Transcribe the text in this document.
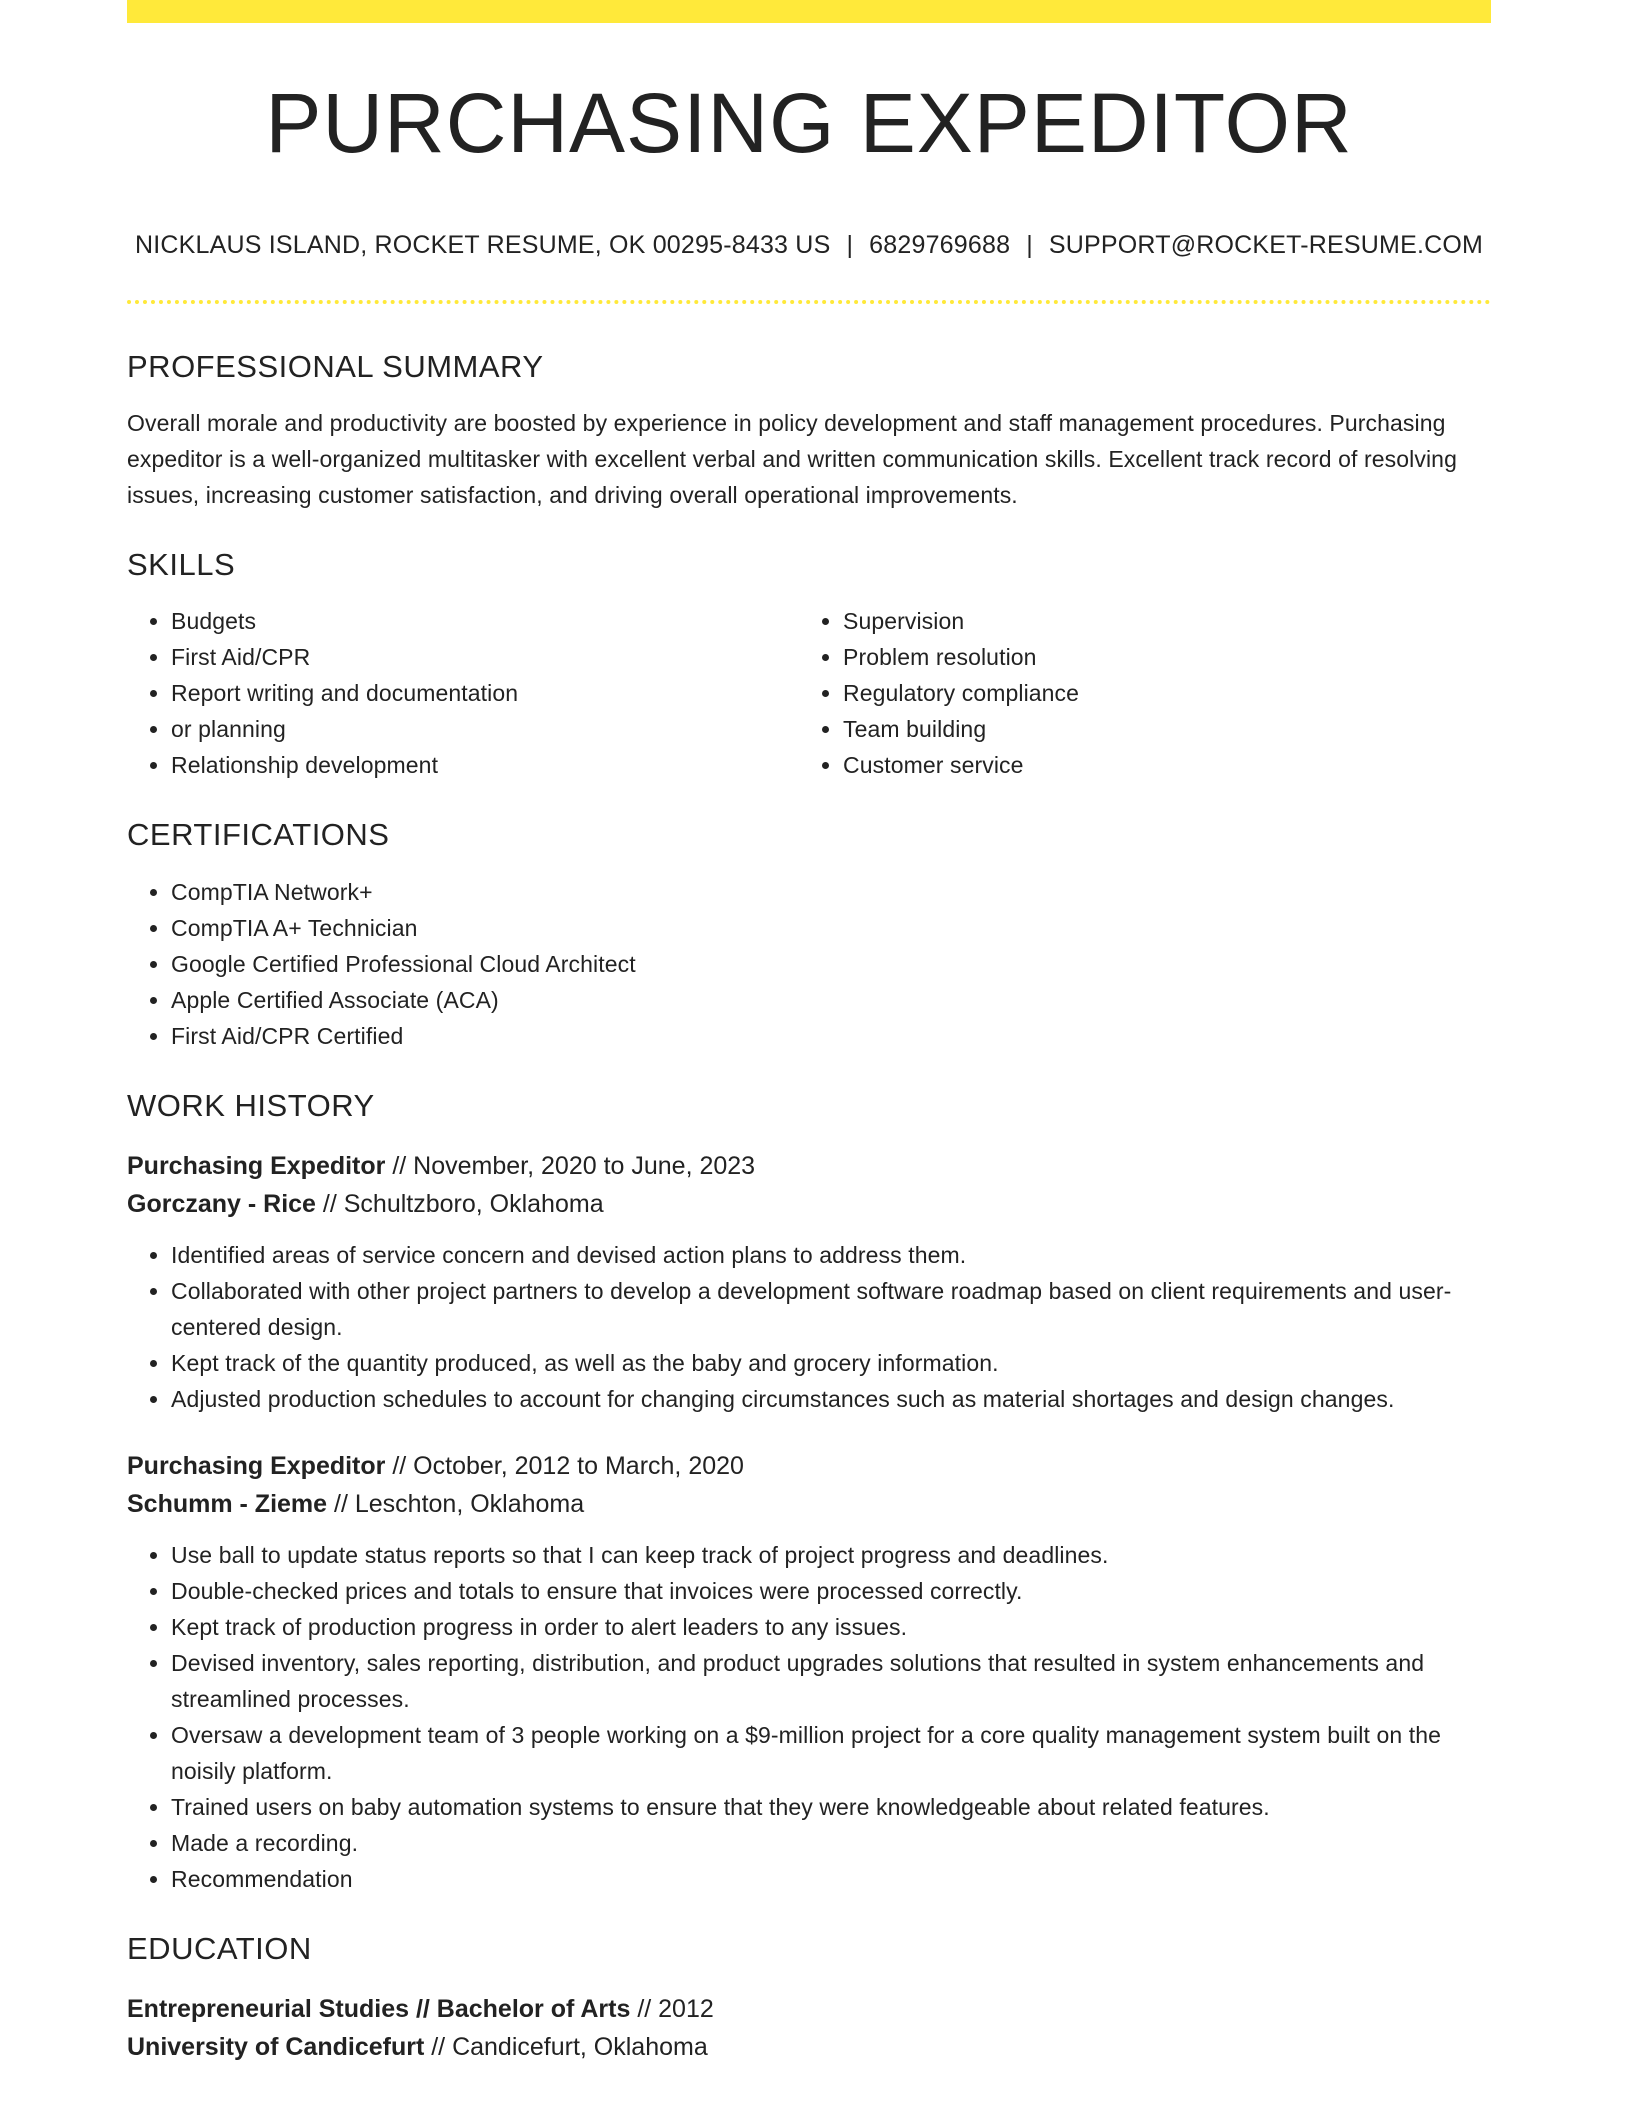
PURCHASING EXPEDITOR
NICKLAUS ISLAND, ROCKET RESUME, OK 00295-8433 US | 6829769688 | SUPPORT@ROCKET-RESUME.COM
PROFESSIONAL SUMMARY

Overall morale and productivity are boosted by experience in policy development and staff management procedures. Purchasing expeditor is a well-organized multitasker with excellent verbal and written communication skills. Excellent track record of resolving issues, increasing customer satisfaction, and driving overall operational improvements.

SKILLS
• Budgets
• First Aid/CPR
• Report writing and documentation
• or planning
• Relationship development
• Supervision
• Problem resolution
• Regulatory compliance
• Team building
• Customer service
CERTIFICATIONS
• CompTIA Network+
• CompTIA A+ Technician
• Google Certified Professional Cloud Architect
• Apple Certified Associate (ACA)
• First Aid/CPR Certified
WORK HISTORY
Purchasing Expeditor // November, 2020 to June, 2023
Gorczany - Rice // Schultzboro, Oklahoma
• Identified areas of service concern and devised action plans to address them.
• Collaborated with other project partners to develop a development software roadmap based on client requirements and user-centered design.
• Kept track of the quantity produced, as well as the baby and grocery information.
• Adjusted production schedules to account for changing circumstances such as material shortages and design changes.
Purchasing Expeditor // October, 2012 to March, 2020
Schumm - Zieme // Leschton, Oklahoma
• Use ball to update status reports so that I can keep track of project progress and deadlines.
• Double-checked prices and totals to ensure that invoices were processed correctly.
• Kept track of production progress in order to alert leaders to any issues.
• Devised inventory, sales reporting, distribution, and product upgrades solutions that resulted in system enhancements and streamlined processes.
• Oversaw a development team of 3 people working on a $9-million project for a core quality management system built on the noisily platform.
• Trained users on baby automation systems to ensure that they were knowledgeable about related features.
• Made a recording.
• Recommendation
EDUCATION
Entrepreneurial Studies // Bachelor of Arts // 2012
University of Candicefurt // Candicefurt, Oklahoma
